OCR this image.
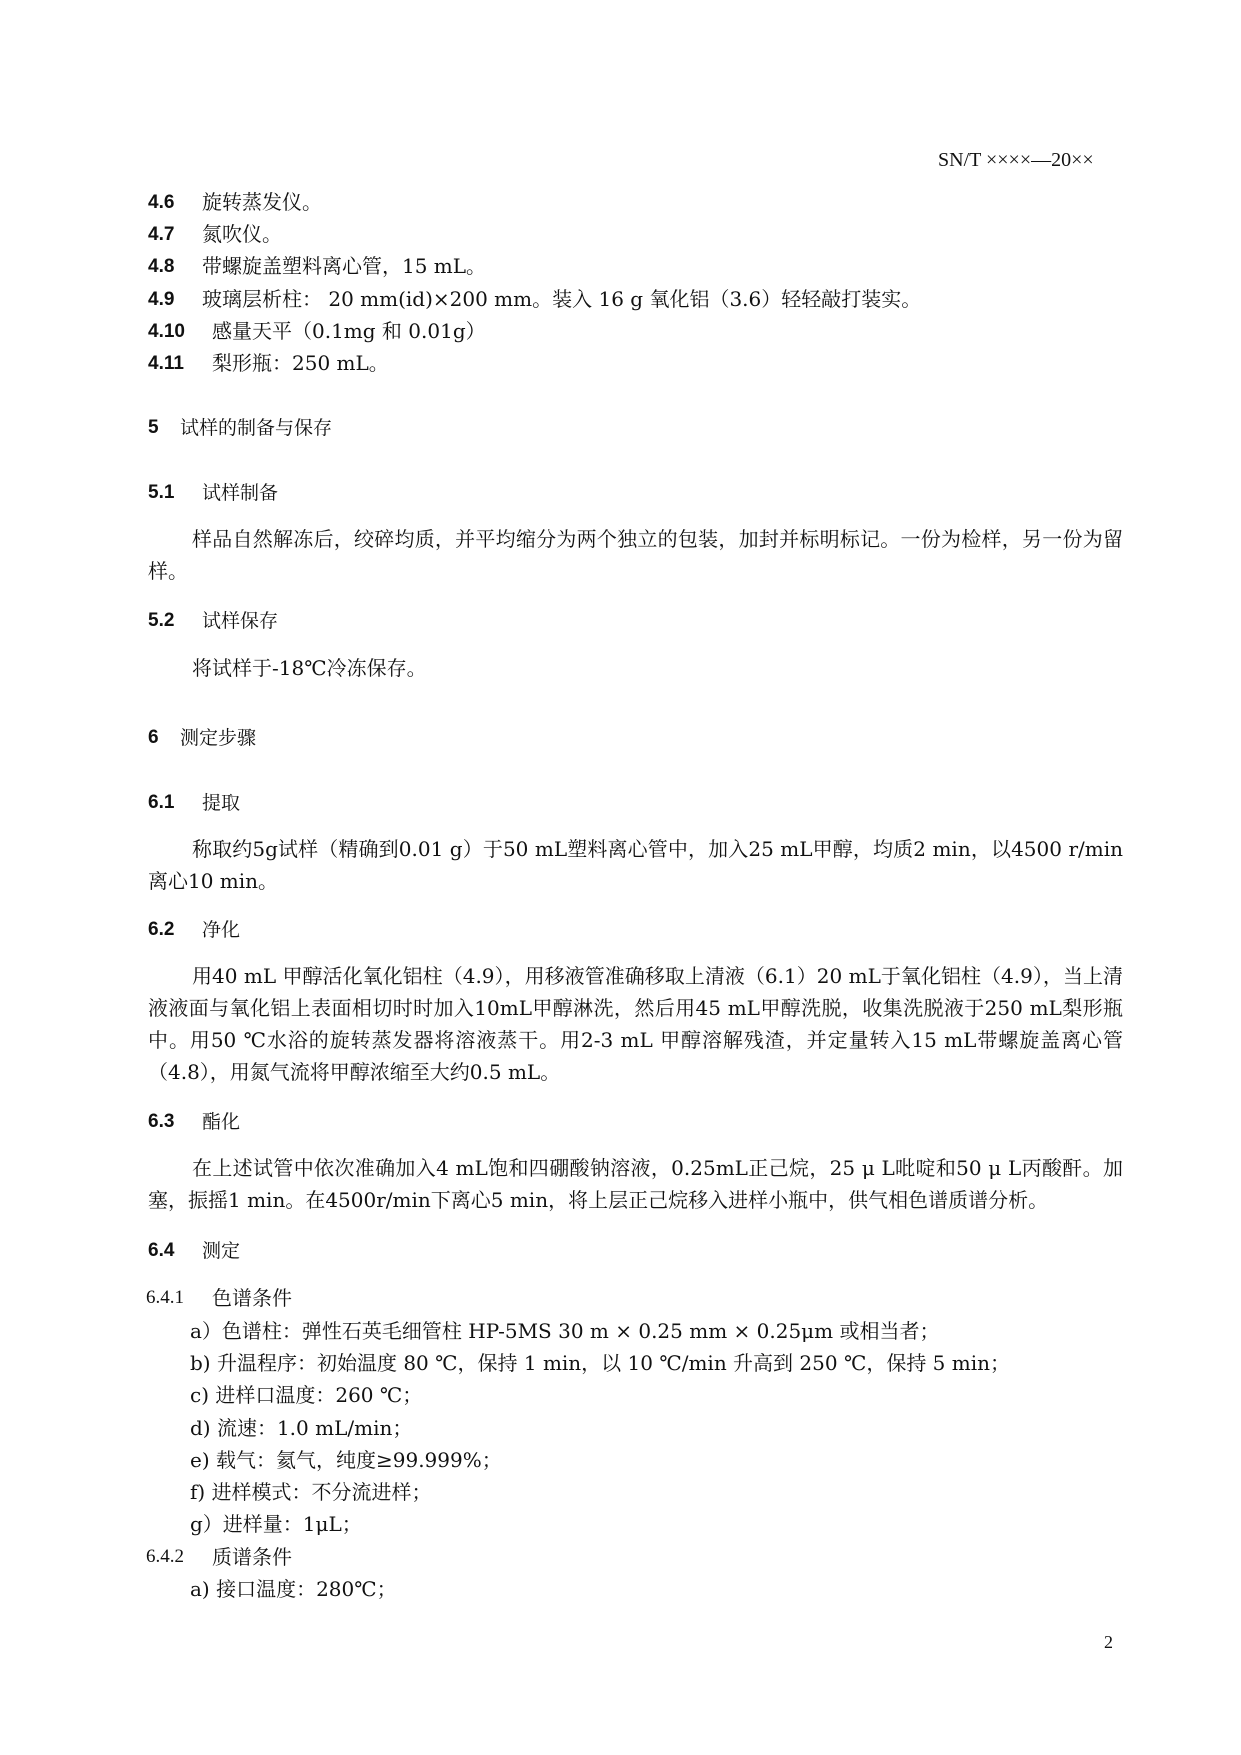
SN/T ××××—20××
4.6 旋转蒸发仪。
4.7 氮吹仪。
4.8 带螺旋盖塑料离心管，15 mL。
4.9 玻璃层析柱： 20 mm(id)×200 mm。装入 16 g 氧化铝（3.6）轻轻敲打装实。
4.10 感量天平（0.1mg 和 0.01g）
4.11 梨形瓶：250 mL。
5 试样的制备与保存
5.1 试样制备
样品自然解冻后，绞碎均质，并平均缩分为两个独立的包装，加封并标明标记。一份为检样，另一份为留样。
5.2 试样保存
将试样于-18℃冷冻保存。
6 测定步骤
6.1 提取
称取约5g试样（精确到0.01 g）于50 mL塑料离心管中，加入25 mL甲醇，均质2 min，以4500 r/min离心10 min。
6.2 净化
用40 mL 甲醇活化氧化铝柱（4.9），用移液管准确移取上清液（6.1）20 mL于氧化铝柱（4.9），当上清液液面与氧化铝上表面相切时时加入10mL甲醇淋洗，然后用45 mL甲醇洗脱，收集洗脱液于250 mL梨形瓶中。用50 ℃水浴的旋转蒸发器将溶液蒸干。用2-3 mL 甲醇溶解残渣，并定量转入15 mL带螺旋盖离心管（4.8），用氮气流将甲醇浓缩至大约0.5 mL。
6.3 酯化
在上述试管中依次准确加入4 mL饱和四硼酸钠溶液，0.25mL正己烷，25 μ L吡啶和50 μ L丙酸酐。加塞，振摇1 min。在4500r/min下离心5 min，将上层正己烷移入进样小瓶中，供气相色谱质谱分析。
6.4 测定
6.4.1 色谱条件
a）色谱柱：弹性石英毛细管柱 HP-5MS 30 m × 0.25 mm × 0.25μm 或相当者；
b) 升温程序：初始温度 80 ℃，保持 1 min，以 10 ℃/min 升高到 250 ℃，保持 5 min；
c) 进样口温度：260 ℃；
d) 流速：1.0 mL/min；
e) 载气：氦气，纯度≥99.999%；
f) 进样模式：不分流进样；
g）进样量：1μL；
6.4.2 质谱条件
a) 接口温度：280℃；
2
